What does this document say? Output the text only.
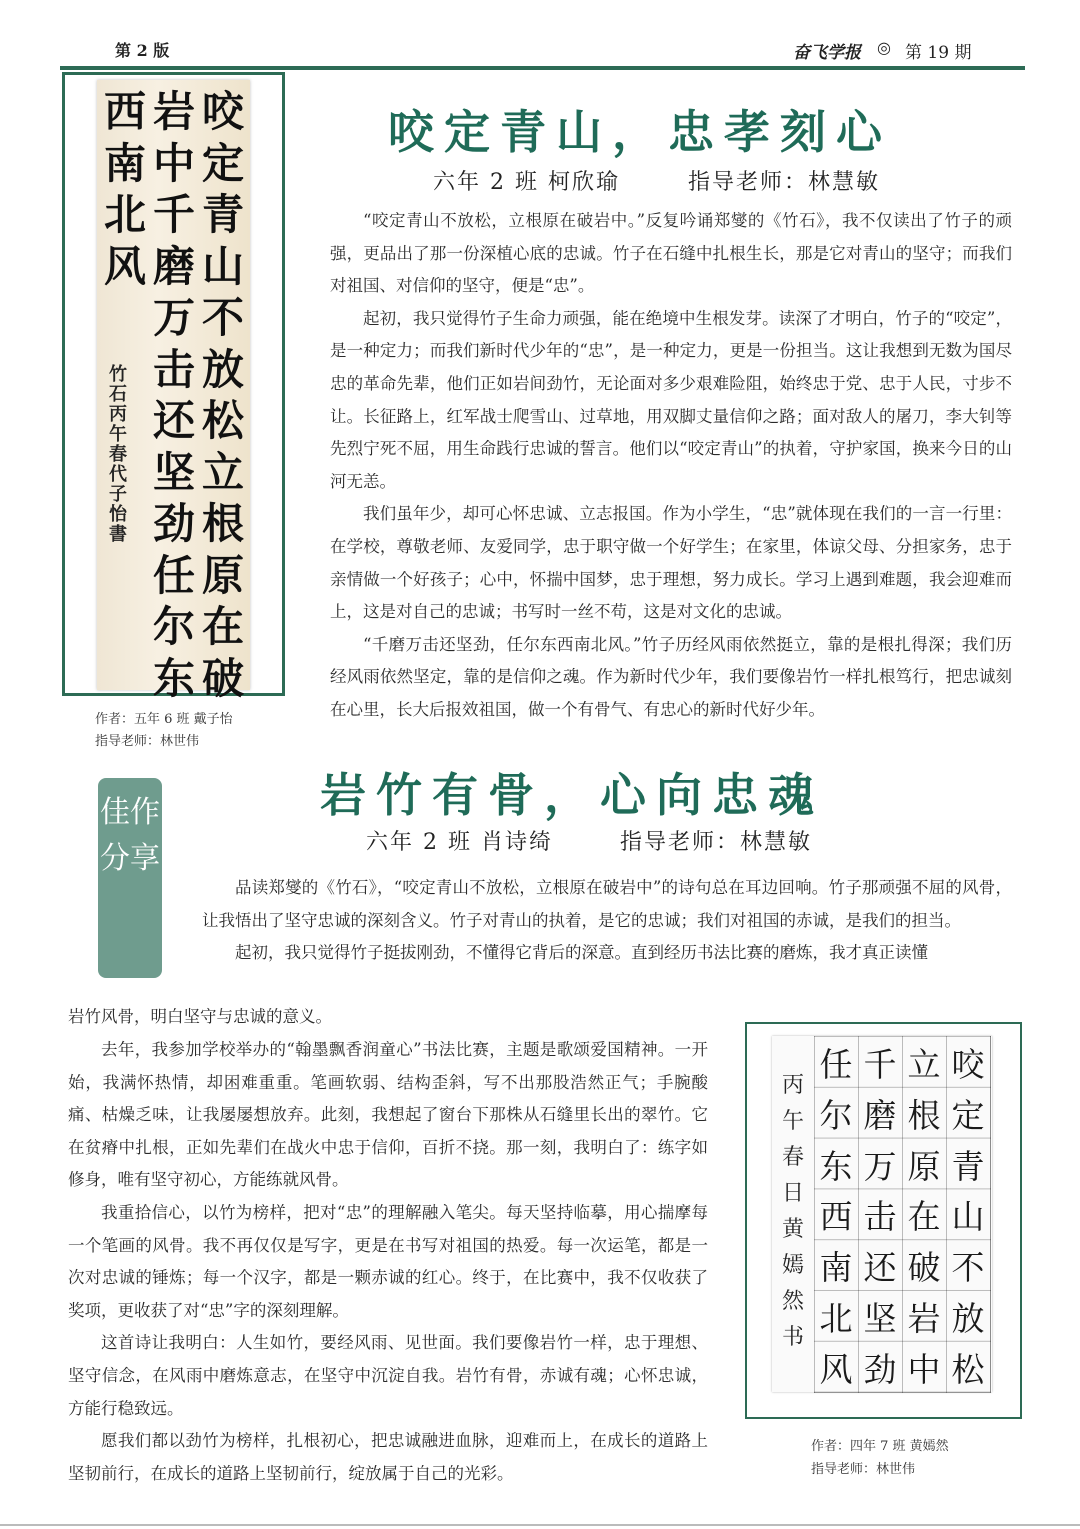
第 2 版	奋飞学报 ◎ 第 19 期
咬定青山不放松立根原在破
岩中千磨万击还坚劲任尔东
西南北风
竹石丙午春代子怡書
作者：五年 6 班 戴子怡
指导老师：林世伟
咬定青山，忠孝刻心
六年 2 班 柯欣瑜	指导老师：林慧敏

“咬定青山不放松，立根原在破岩中。”反复吟诵郑燮的《竹石》，我不仅读出了竹子的顽强，更品出了那一份深植心底的忠诚。竹子在石缝中扎根生长，那是它对青山的坚守；而我们对祖国、对信仰的坚守，便是“忠”。

起初，我只觉得竹子生命力顽强，能在绝境中生根发芽。读深了才明白，竹子的“咬定”，是一种定力；而我们新时代少年的“忠”，是一种定力，更是一份担当。这让我想到无数为国尽忠的革命先辈，他们正如岩间劲竹，无论面对多少艰难险阻，始终忠于党、忠于人民，寸步不让。长征路上，红军战士爬雪山、过草地，用双脚丈量信仰之路；面对敌人的屠刀，李大钊等先烈宁死不屈，用生命践行忠诚的誓言。他们以“咬定青山”的执着，守护家国，换来今日的山河无恙。

我们虽年少，却可心怀忠诚、立志报国。作为小学生，“忠”就体现在我们的一言一行里：在学校，尊敬老师、友爱同学，忠于职守做一个好学生；在家里，体谅父母、分担家务，忠于亲情做一个好孩子；心中，怀揣中国梦，忠于理想，努力成长。学习上遇到难题，我会迎难而上，这是对自己的忠诚；书写时一丝不苟，这是对文化的忠诚。

“千磨万击还坚劲，任尔东西南北风。”竹子历经风雨依然挺立，靠的是根扎得深；我们历经风雨依然坚定，靠的是信仰之魂。作为新时代少年，我们要像岩竹一样扎根笃行，把忠诚刻在心里，长大后报效祖国，做一个有骨气、有忠心的新时代好少年。

佳作分享
岩竹有骨，心向忠魂
六年 2 班 肖诗绮	指导老师：林慧敏

品读郑燮的《竹石》，“咬定青山不放松，立根原在破岩中”的诗句总在耳边回响。竹子那顽强不屈的风骨，让我悟出了坚守忠诚的深刻含义。竹子对青山的执着，是它的忠诚；我们对祖国的赤诚，是我们的担当。

起初，我只觉得竹子挺拔刚劲，不懂得它背后的深意。直到经历书法比赛的磨炼，我才真正读懂

岩竹风骨，明白坚守与忠诚的意义。

去年，我参加学校举办的“翰墨飘香润童心”书法比赛，主题是歌颂爱国精神。一开始，我满怀热情，却困难重重。笔画软弱、结构歪斜，写不出那股浩然正气；手腕酸痛、枯燥乏味，让我屡屡想放弃。此刻，我想起了窗台下那株从石缝里长出的翠竹。它在贫瘠中扎根，正如先辈们在战火中忠于信仰，百折不挠。那一刻，我明白了：练字如修身，唯有坚守初心，方能练就风骨。

我重拾信心，以竹为榜样，把对“忠”的理解融入笔尖。每天坚持临摹，用心揣摩每一个笔画的风骨。我不再仅仅是写字，更是在书写对祖国的热爱。每一次运笔，都是一次对忠诚的锤炼；每一个汉字，都是一颗赤诚的红心。终于，在比赛中，我不仅收获了奖项，更收获了对“忠”字的深刻理解。

这首诗让我明白：人生如竹，要经风雨、见世面。我们要像岩竹一样，忠于理想、坚守信念，在风雨中磨炼意志，在坚守中沉淀自我。岩竹有骨，赤诚有魂；心怀忠诚，方能行稳致远。

愿我们都以劲竹为榜样，扎根初心，把忠诚融进血脉，迎难而上，在成长的道路上坚韧前行，在成长的道路上坚韧前行，绽放属于自己的光彩。

丙午春日黄嫣然书
咬定青山不放松
立根原在破岩中
千磨万击还坚劲
任尔东西南北风
作者：四年 7 班 黄嫣然
指导老师：林世伟
